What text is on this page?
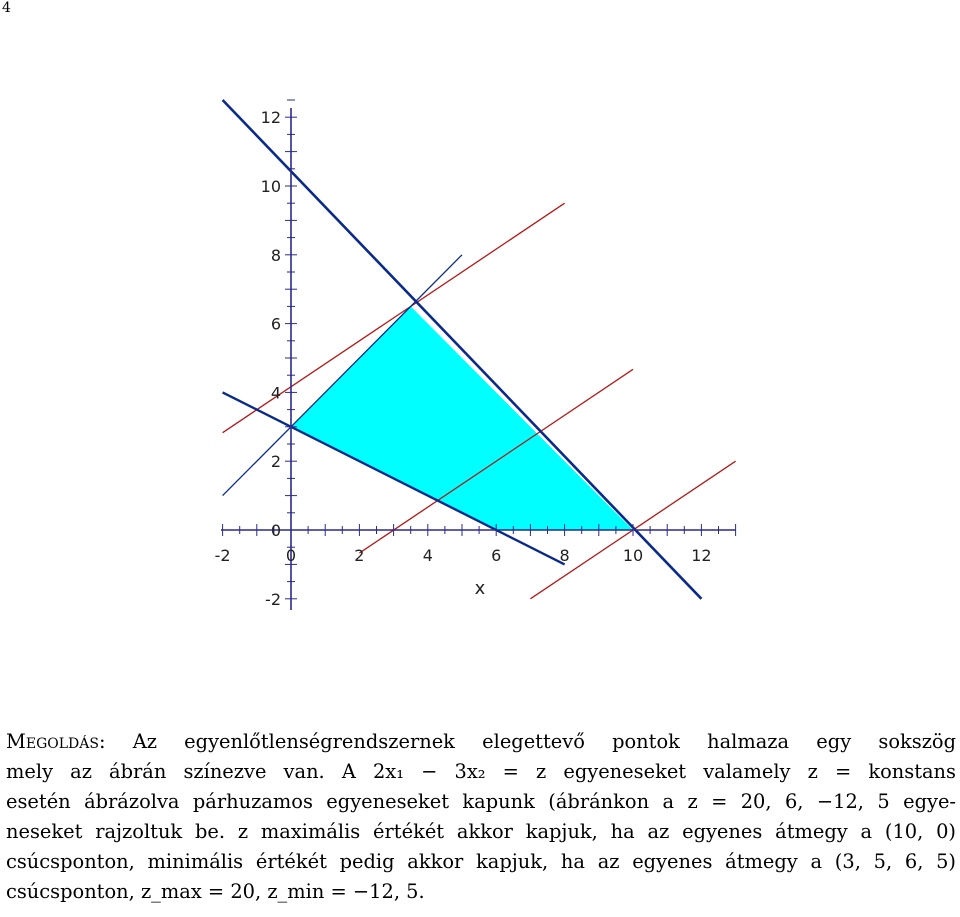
4
-2	0	2	4	6	8	10	12
-2
0
2
4
6
8
10
12
x

Megoldás: Az egyenlőtlenségrendszernek elegettevő pontok halmaza egy sokszög

mely az ábrán színezve van. A 2x₁ − 3x₂ = z egyeneseket valamely z = konstans

esetén ábrázolva párhuzamos egyeneseket kapunk (ábránkon a z = 20, 6, −12, 5 egye-

neseket rajzoltuk be. z maximális értékét akkor kapjuk, ha az egyenes átmegy a (10, 0)

csúcsponton, minimális értékét pedig akkor kapjuk, ha az egyenes átmegy a (3, 5, 6, 5)

csúcsponton, z_max = 20, z_min = −12, 5.
